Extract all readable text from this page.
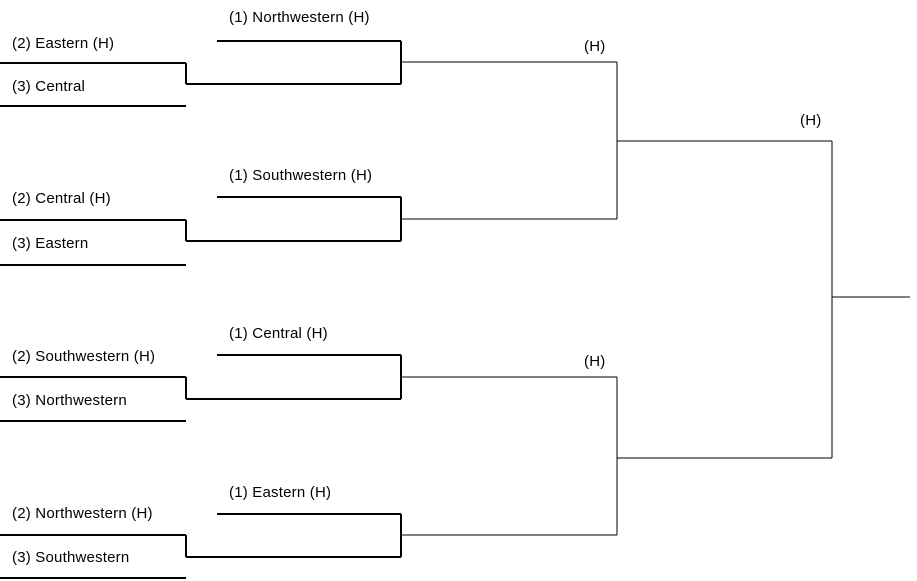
(2) Eastern (H)
(3) Central
(1) Northwestern (H)
(2) Central (H)
(3) Eastern
(1) Southwestern (H)
(2) Southwestern (H)
(3) Northwestern
(1) Central (H)
(2) Northwestern (H)
(3) Southwestern
(1) Eastern (H)
(H)
(H)
(H)
